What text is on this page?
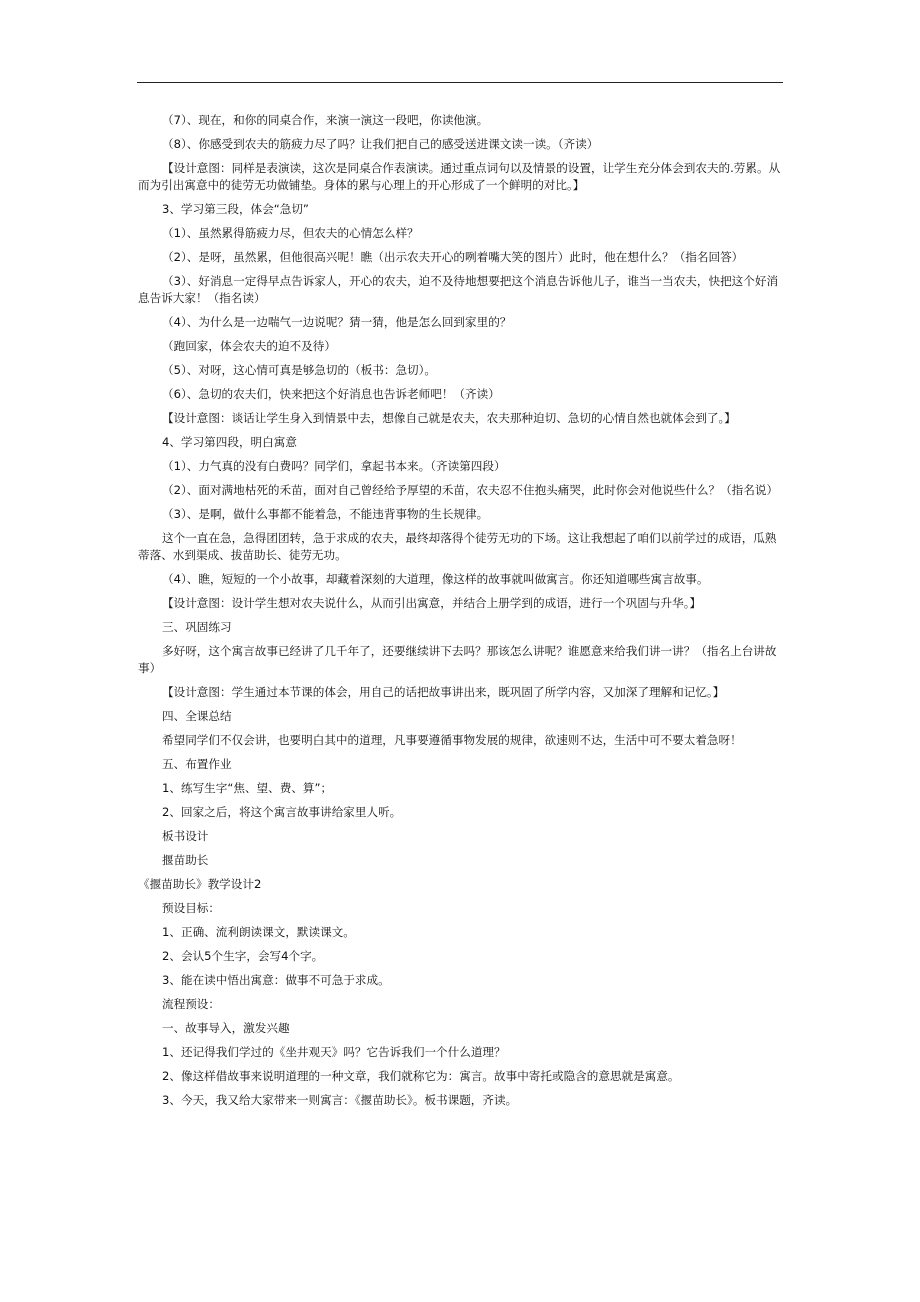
（7）、现在，和你的同桌合作，来演一演这一段吧，你读他演。

（8）、你感受到农夫的筋疲力尽了吗？让我们把自己的感受送进课文读一读。（齐读）

【设计意图：同样是表演读，这次是同桌合作表演读。通过重点词句以及情景的设置，让学生充分体会到农夫的.劳累。从而为引出寓意中的徒劳无功做铺垫。身体的累与心理上的开心形成了一个鲜明的对比。】

3、学习第三段，体会“急切”

（1）、虽然累得筋疲力尽，但农夫的心情怎么样？

（2）、是呀，虽然累，但他很高兴呢！瞧（出示农夫开心的咧着嘴大笑的图片）此时，他在想什么？（指名回答）

（3）、好消息一定得早点告诉家人，开心的农夫，迫不及待地想要把这个消息告诉他儿子，谁当一当农夫，快把这个好消息告诉大家！（指名读）

（4）、为什么是一边喘气一边说呢？猜一猜，他是怎么回到家里的？

（跑回家，体会农夫的迫不及待）

（5）、对呀，这心情可真是够急切的（板书：急切）。

（6）、急切的农夫们，快来把这个好消息也告诉老师吧！（齐读）

【设计意图：谈话让学生身入到情景中去，想像自己就是农夫，农夫那种迫切、急切的心情自然也就体会到了。】

4、学习第四段，明白寓意

（1）、力气真的没有白费吗？同学们，拿起书本来。（齐读第四段）

（2）、面对满地枯死的禾苗，面对自己曾经给予厚望的禾苗，农夫忍不住抱头痛哭，此时你会对他说些什么？（指名说）

（3）、是啊，做什么事都不能着急，不能违背事物的生长规律。

这个一直在急，急得团团转，急于求成的农夫，最终却落得个徒劳无功的下场。这让我想起了咱们以前学过的成语，瓜熟蒂落、水到渠成、拔苗助长、徒劳无功。

（4）、瞧，短短的一个小故事，却藏着深刻的大道理，像这样的故事就叫做寓言。你还知道哪些寓言故事。

【设计意图：设计学生想对农夫说什么，从而引出寓意，并结合上册学到的成语，进行一个巩固与升华。】

三、巩固练习

多好呀，这个寓言故事已经讲了几千年了，还要继续讲下去吗？那该怎么讲呢？谁愿意来给我们讲一讲？（指名上台讲故事）

【设计意图：学生通过本节课的体会，用自己的话把故事讲出来，既巩固了所学内容，又加深了理解和记忆。】

四、全课总结

希望同学们不仅会讲，也要明白其中的道理，凡事要遵循事物发展的规律，欲速则不达，生活中可不要太着急呀！

五、布置作业

1、练写生字“焦、望、费、算”；

2、回家之后，将这个寓言故事讲给家里人听。

板书设计

揠苗助长

《揠苗助长》教学设计2

预设目标：

1、正确、流利朗读课文，默读课文。

2、会认5个生字，会写4个字。

3、能在读中悟出寓意：做事不可急于求成。

流程预设：

一、故事导入，激发兴趣

1、还记得我们学过的《坐井观天》吗？它告诉我们一个什么道理？

2、像这样借故事来说明道理的一种文章，我们就称它为：寓言。故事中寄托或隐含的意思就是寓意。

3、今天，我又给大家带来一则寓言：《揠苗助长》。板书课题，齐读。
